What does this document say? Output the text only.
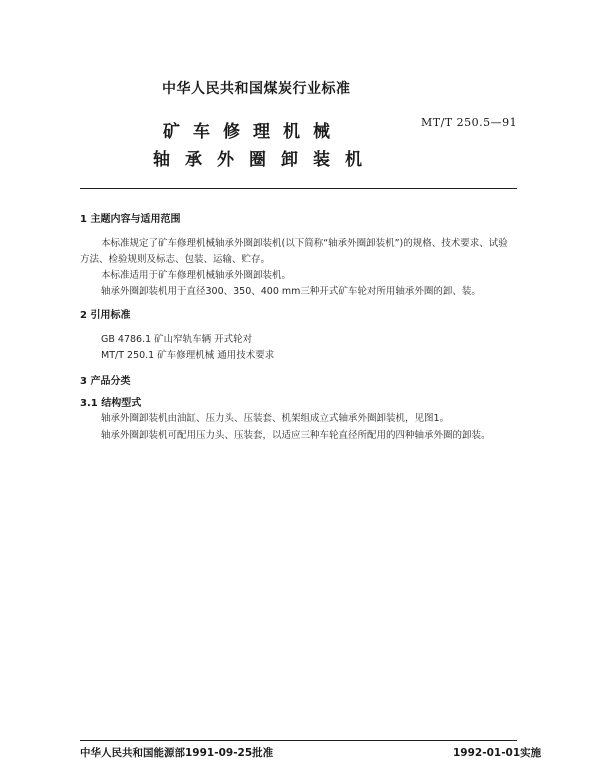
中华人民共和国煤炭行业标准
MT/T 250.5—91
矿车修理机械
轴承外圈卸装机
1 主题内容与适用范围
本标准规定了矿车修理机械轴承外圈卸装机(以下简称“轴承外圈卸装机”)的规格、技术要求、试验
方法、检验规则及标志、包装、运输、贮存。
本标准适用于矿车修理机械轴承外圈卸装机。
轴承外圈卸装机用于直径300、350、400 mm三种开式矿车轮对所用轴承外圈的卸、装。
2 引用标准
GB 4786.1 矿山窄轨车辆 开式轮对
MT/T 250.1 矿车修理机械 通用技术要求
3 产品分类
3.1 结构型式
轴承外圈卸装机由油缸、压力头、压装套、机架组成立式轴承外圈卸装机，见图1。
轴承外圈卸装机可配用压力头、压装套，以适应三种车轮直径所配用的四种轴承外圈的卸装。
中华人民共和国能源部1991-09-25批准	1992-01-01实施
